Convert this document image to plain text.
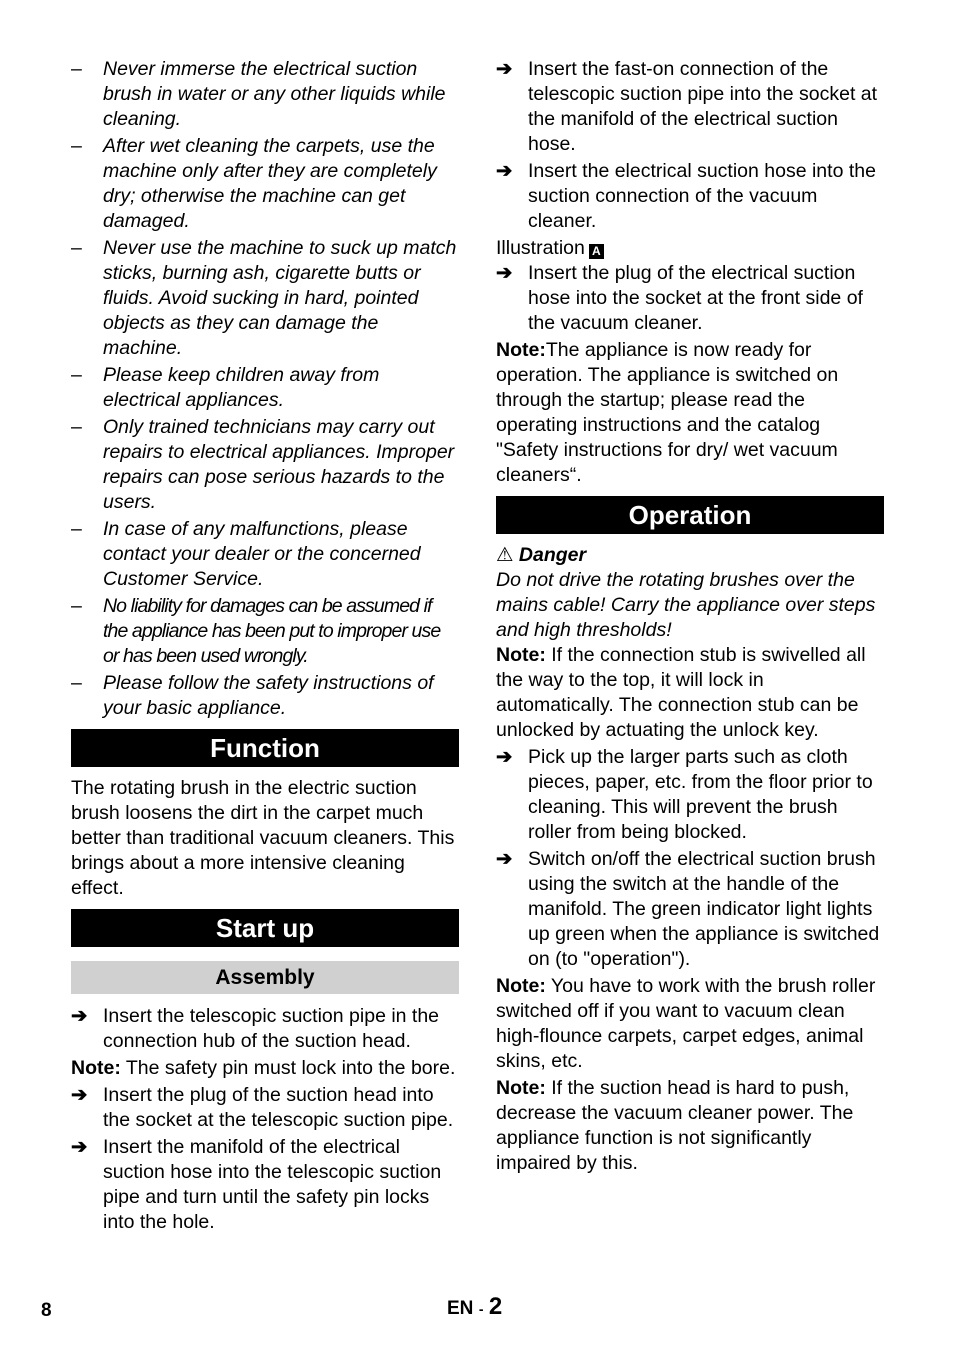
– Never immerse the electrical suction brush in water or any other liquids while cleaning.
– After wet cleaning the carpets, use the machine only after they are completely dry; otherwise the machine can get damaged.
– Never use the machine to suck up match sticks, burning ash, cigarette butts or fluids. Avoid sucking in hard, pointed objects as they can damage the machine.
– Please keep children away from electrical appliances.
– Only trained technicians may carry out repairs to electrical appliances. Improper repairs can pose serious hazards to the users.
– In case of any malfunctions, please contact your dealer or the concerned Customer Service.
– No liability for damages can be assumed if the appliance has been put to improper use or has been used wrongly.
– Please follow the safety instructions of your basic appliance.
Function

The rotating brush in the electric suction brush loosens the dirt in the carpet much better than traditional vacuum cleaners. This brings about a more intensive cleaning effect.

Start up
Assembly
➔ Insert the telescopic suction pipe in the connection hub of the suction head.

Note: The safety pin must lock into the bore.

➔ Insert the plug of the suction head into the socket at the telescopic suction pipe.
➔ Insert the manifold of the electrical suction hose into the telescopic suction pipe and turn until the safety pin locks into the hole.
➔ Insert the fast-on connection of the telescopic suction pipe into the socket at the manifold of the electrical suction hose.
➔ Insert the electrical suction hose into the suction connection of the vacuum cleaner.

Illustration A

➔ Insert the plug of the electrical suction hose into the socket at the front side of the vacuum cleaner.

Note:The appliance is now ready for operation. The appliance is switched on through the startup; please read the operating instructions and the catalog "Safety instructions for dry/ wet vacuum cleaners“.

Operation

⚠ Danger

Do not drive the rotating brushes over the mains cable! Carry the appliance over steps and high thresholds!

Note: If the connection stub is swivelled all the way to the top, it will lock in automatically. The connection stub can be unlocked by actuating the unlock key.

➔ Pick up the larger parts such as cloth pieces, paper, etc. from the floor prior to cleaning. This will prevent the brush roller from being blocked.
➔ Switch on/off the electrical suction brush using the switch at the handle of the manifold. The green indicator light lights up green when the appliance is switched on (to "operation").

Note: You have to work with the brush roller switched off if you want to vacuum clean high-flounce carpets, carpet edges, animal skins, etc.

Note: If the suction head is hard to push, decrease the vacuum cleaner power. The appliance function is not significantly impaired by this.

8	EN - 2
